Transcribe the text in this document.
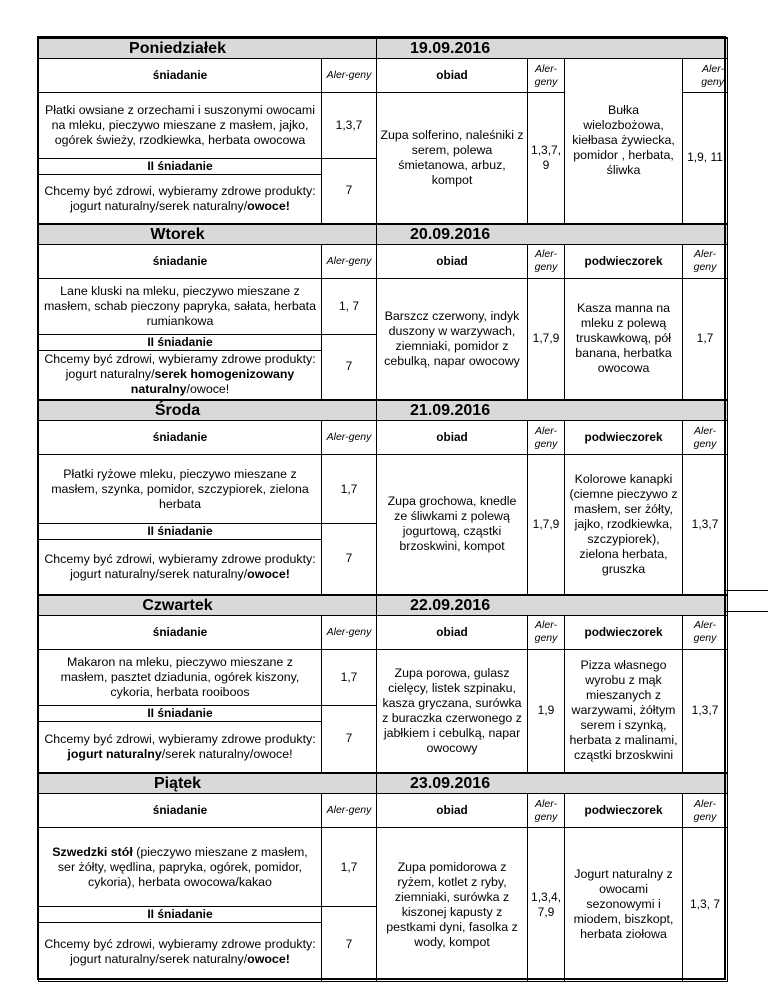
Poniedziałek		19.09.2016			
śniadanie	Aler-geny	obiad	Aler-geny	Bułka wielozbożowa, kiełbasa żywiecka, pomidor , herbata, śliwka	Aler-geny
Płatki owsiane z orzechami i suszonymi owocami na mleku, pieczywo mieszane z masłem, jajko, ogórek świeży, rzodkiewka, herbata owocowa	1,3,7	Zupa solferino, naleśniki z serem, polewa śmietanowa, arbuz, kompot	1,3,7, 9		1,9, 11
II śniadanie	7				
Chcemy być zdrowi, wybieramy zdrowe produkty: jogurt naturalny/serek naturalny/owoce!					
Wtorek		20.09.2016			
śniadanie	Aler-geny	obiad	Aler-geny	podwieczorek	Aler-geny
Lane kluski na mleku, pieczywo mieszane z masłem, schab pieczony papryka, sałata, herbata rumiankowa	1, 7	Barszcz czerwony, indyk duszony w warzywach, ziemniaki, pomidor z cebulką, napar owocowy	1,7,9	Kasza manna na mleku z polewą truskawkową, pół banana, herbatka owocowa	1,7
II śniadanie	7				
Chcemy być zdrowi, wybieramy zdrowe produkty: jogurt naturalny/serek homogenizowany naturalny/owoce!					
Środa		21.09.2016			
śniadanie	Aler-geny	obiad	Aler-geny	podwieczorek	Aler-geny
Płatki ryżowe mleku, pieczywo mieszane z masłem, szynka, pomidor, szczypiorek, zielona herbata	1,7	Zupa grochowa, knedle ze śliwkami z polewą jogurtową, cząstki brzoskwini, kompot	1,7,9	Kolorowe kanapki (ciemne pieczywo z masłem, ser żółty, jajko, rzodkiewka, szczypiorek), zielona herbata, gruszka	1,3,7
II śniadanie	7				
Chcemy być zdrowi, wybieramy zdrowe produkty: jogurt naturalny/serek naturalny/owoce!					
Czwartek		22.09.2016			
śniadanie	Aler-geny	obiad	Aler-geny	podwieczorek	Aler-geny
Makaron na mleku, pieczywo mieszane z masłem, pasztet dziadunia, ogórek kiszony, cykoria, herbata rooiboos	1,7	Zupa porowa, gulasz cielęcy, listek szpinaku, kasza gryczana, surówka z buraczka czerwonego z jabłkiem i cebulką, napar owocowy	1,9	Pizza własnego wyrobu z mąk mieszanych z warzywami, żółtym serem i szynką, herbata z malinami, cząstki brzoskwini	1,3,7
II śniadanie	7				
Chcemy być zdrowi, wybieramy zdrowe produkty: jogurt naturalny/serek naturalny/owoce!					
Piątek		23.09.2016			
śniadanie	Aler-geny	obiad	Aler-geny	podwieczorek	Aler-geny
Szwedzki stół (pieczywo mieszane z masłem, ser żółty, wędlina, papryka, ogórek, pomidor, cykoria), herbata owocowa/kakao	1,7	Zupa pomidorowa z ryżem, kotlet z ryby, ziemniaki, surówka z kiszonej kapusty z pestkami dyni, fasolka z wody, kompot	1,3,4, 7,9	Jogurt naturalny z owocami sezonowymi i miodem, biszkopt, herbata ziołowa	1,3, 7
II śniadanie	7				
Chcemy być zdrowi, wybieramy zdrowe produkty: jogurt naturalny/serek naturalny/owoce!					
